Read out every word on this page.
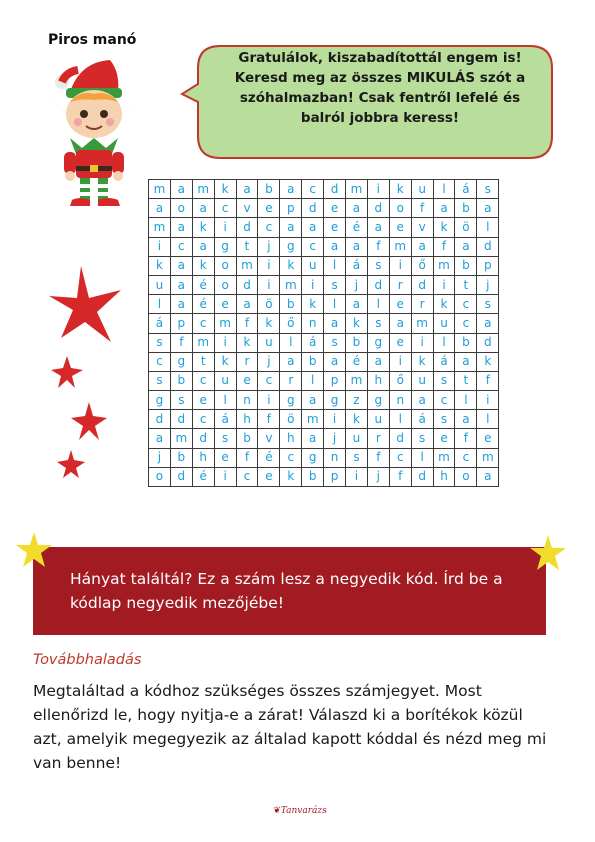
Piros manó
Gratulálok, kiszabadítottál engem is!
Keresd meg az összes MIKULÁS szót a
szóhalmazban! Csak fentről lefelé és
balról jobbra keress!
m	a	m	k	a	b	a	c	d	m	i	k	u	l	á	s
a	o	a	c	v	e	p	d	e	a	d	o	f	a	b	a
m	a	k	i	d	c	a	a	e	é	a	e	v	k	ö	l
i	c	a	g	t	j	g	c	a	a	f	m	a	f	a	d
k	a	k	o	m	i	k	u	l	á	s	i	ő	m	b	p
u	a	é	o	d	i	m	i	s	j	d	r	d	i	t	j
l	a	é	e	a	ö	b	k	l	a	l	e	r	k	c	s
á	p	c	m	f	k	ő	n	a	k	s	a	m	u	c	a
s	f	m	i	k	u	l	á	s	b	g	e	i	l	b	d
c	g	t	k	r	j	a	b	a	é	a	i	k	á	a	k
s	b	c	u	e	c	r	l	p	m	h	ő	u	s	t	f
g	s	e	l	n	i	g	a	g	z	g	n	a	c	l	i
d	d	c	á	h	f	ö	m	i	k	u	l	á	s	a	l
a	m	d	s	b	v	h	a	j	u	r	d	s	e	f	e
j	b	h	e	f	é	c	g	n	s	f	c	l	m	c	m
o	d	é	i	c	e	k	b	p	i	j	f	d	h	o	a
Hányat találtál? Ez a szám lesz a negyedik kód. Írd be a
kódlap negyedik mezőjébe!
Továbbhaladás
Megtaláltad a kódhoz szükséges összes számjegyet. Most
ellenőrizd le, hogy nyitja-e a zárat! Válaszd ki a borítékok közül
azt, amelyik megegyezik az általad kapott kóddal és nézd meg mi
van benne!
❦Tanvarázs
